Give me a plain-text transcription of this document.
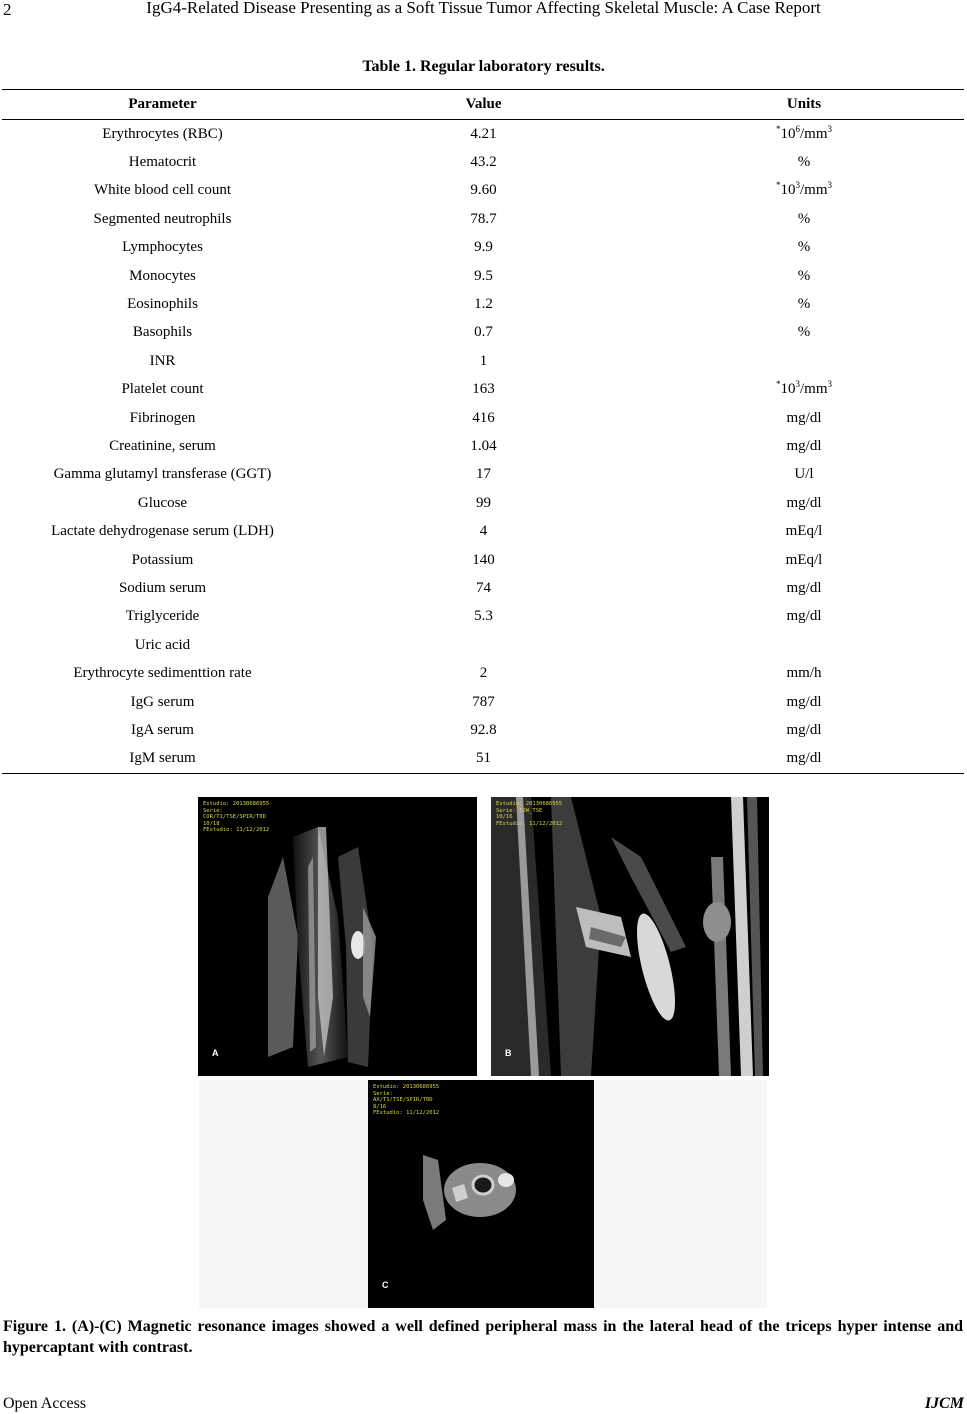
2	IgG4-Related Disease Presenting as a Soft Tissue Tumor Affecting Skeletal Muscle: A Case Report
Table 1. Regular laboratory results.
Parameter	Value	Units
Erythrocytes (RBC)	4.21	$^*10^6/mm^3$
Hematocrit	43.2	%
White blood cell count	9.60	$^*10^3/mm^3$
Segmented neutrophils	78.7	%
Lymphocytes	9.9	%
Monocytes	9.5	%
Eosinophils	1.2	%
Basophils	0.7	%
INR	1	
Platelet count	163	$^*10^3/mm^3$
Fibrinogen	416	mg/dl
Creatinine, serum	1.04	mg/dl
Gamma glutamyl transferase (GGT)	17	U/l
Glucose	99	mg/dl
Lactate dehydrogenase serum (LDH)	4	mEq/l
Potassium	140	mEq/l
Sodium serum	74	mg/dl
Triglyceride	5.3	mg/dl
Uric acid		
Erythrocyte sedimenttion rate	2	mm/h
IgG serum	787	mg/dl
IgA serum	92.8	mg/dl
IgM serum	51	mg/dl
Estudio: 20130686955
Serie:
COR/T1/TSE/SPIR/T0D
10/18
FEstudio: 11/12/2012
A
Estudio: 20130686955
Serie: T2W_TSE
10/16
FEstudio: 11/12/2012
B
Estudio: 20130686955
Serie:
AX/T1/TSE/SPIR/T0D
8/16
FEstudio: 11/12/2012
C
Figure 1. (A)-(C) Magnetic resonance images showed a well defined peripheral mass in the lateral head of the triceps hyper intense and hypercaptant with contrast.
Open Access	IJCM
